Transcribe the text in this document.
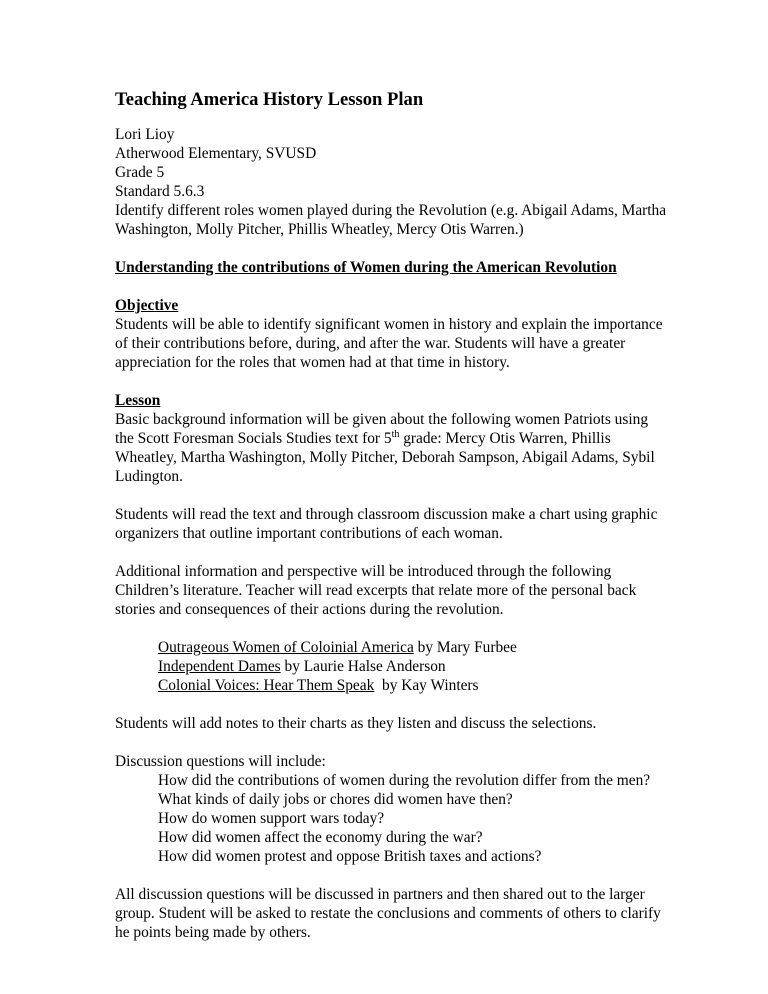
Teaching America History Lesson Plan

Lori Lioy
Atherwood Elementary, SVUSD
Grade 5
Standard 5.6.3
Identify different roles women played during the Revolution (e.g. Abigail Adams, Martha
Washington, Molly Pitcher, Phillis Wheatley, Mercy Otis Warren.)

Understanding the contributions of Women during the American Revolution

Objective
Students will be able to identify significant women in history and explain the importance
of their contributions before, during, and after the war. Students will have a greater
appreciation for the roles that women had at that time in history.

Lesson
Basic background information will be given about the following women Patriots using
the Scott Foresman Socials Studies text for 5th grade: Mercy Otis Warren, Phillis
Wheatley, Martha Washington, Molly Pitcher, Deborah Sampson, Abigail Adams, Sybil
Ludington.

Students will read the text and through classroom discussion make a chart using graphic
organizers that outline important contributions of each woman.

Additional information and perspective will be introduced through the following
Children’s literature. Teacher will read excerpts that relate more of the personal back
stories and consequences of their actions during the revolution.

Outrageous Women of Coloinial America by Mary Furbee
Independent Dames by Laurie Halse Anderson
Colonial Voices: Hear Them Speak  by Kay Winters

Students will add notes to their charts as they listen and discuss the selections.

Discussion questions will include:
How did the contributions of women during the revolution differ from the men?
What kinds of daily jobs or chores did women have then?
How do women support wars today?
How did women affect the economy during the war?
How did women protest and oppose British taxes and actions?

All discussion questions will be discussed in partners and then shared out to the larger
group. Student will be asked to restate the conclusions and comments of others to clarify
he points being made by others.
